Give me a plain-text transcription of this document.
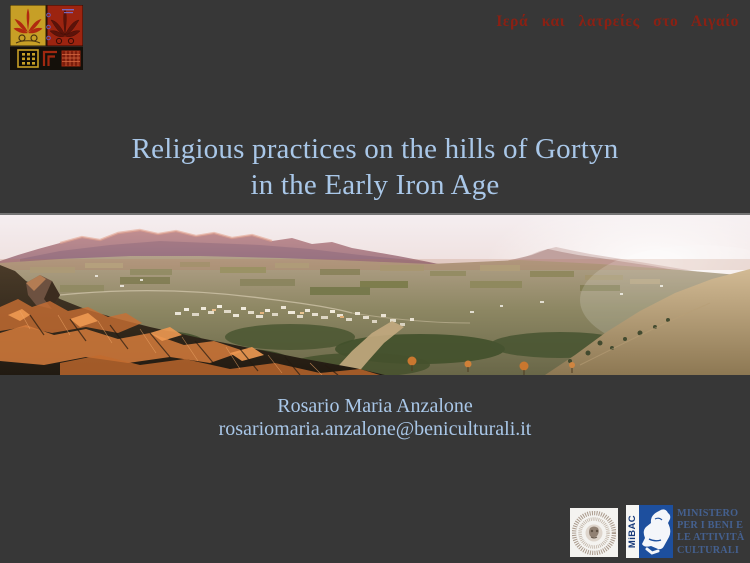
Ιερά και λατρείες στο Αιγαίο
Religious practices on the hills of Gortyn
in the Early Iron Age
Rosario Maria Anzalone
rosariomaria.anzalone@beniculturali.it
MiBAC
MINISTERO
PER I BENI E
LE ATTIVITÀ
CULTURALI
